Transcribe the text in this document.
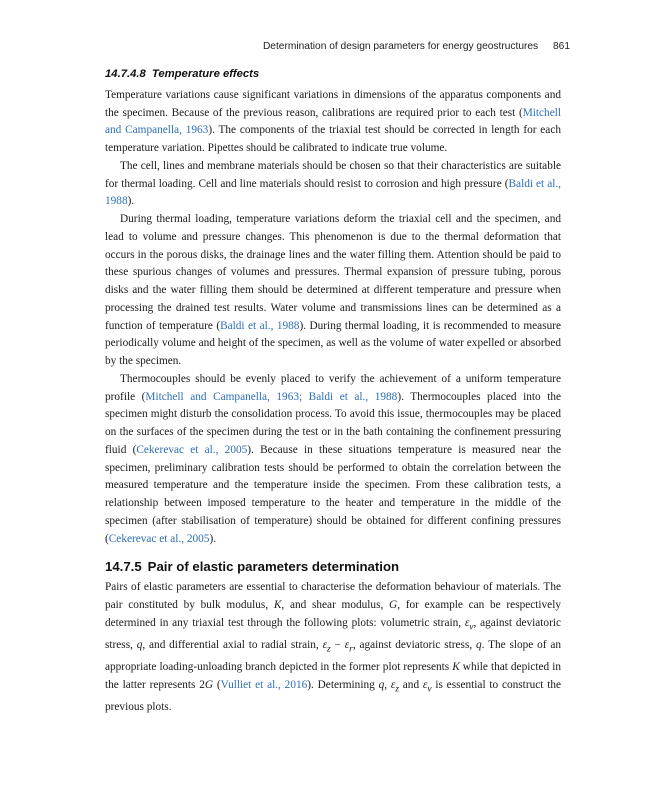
Determination of design parameters for energy geostructures 861
14.7.4.8 Temperature effects

Temperature variations cause significant variations in dimensions of the apparatus components and the specimen. Because of the previous reason, calibrations are required prior to each test (Mitchell and Campanella, 1963). The components of the triaxial test should be corrected in length for each temperature variation. Pipettes should be calibrated to indicate true volume.

The cell, lines and membrane materials should be chosen so that their characteristics are suitable for thermal loading. Cell and line materials should resist to corrosion and high pressure (Baldi et al., 1988).

During thermal loading, temperature variations deform the triaxial cell and the specimen, and lead to volume and pressure changes. This phenomenon is due to the thermal deformation that occurs in the porous disks, the drainage lines and the water filling them. Attention should be paid to these spurious changes of volumes and pressures. Thermal expansion of pressure tubing, porous disks and the water filling them should be determined at different temperature and pressure when processing the drained test results. Water volume and transmissions lines can be determined as a function of temperature (Baldi et al., 1988). During thermal loading, it is recommended to measure periodically volume and height of the specimen, as well as the volume of water expelled or absorbed by the specimen.

Thermocouples should be evenly placed to verify the achievement of a uniform temperature profile (Mitchell and Campanella, 1963; Baldi et al., 1988). Thermocouples placed into the specimen might disturb the consolidation process. To avoid this issue, thermocouples may be placed on the surfaces of the specimen during the test or in the bath containing the confinement pressuring fluid (Cekerevac et al., 2005). Because in these situations temperature is measured near the specimen, preliminary calibration tests should be performed to obtain the correlation between the measured temperature and the temperature inside the specimen. From these calibration tests, a relationship between imposed temperature to the heater and temperature in the middle of the specimen (after stabilisation of temperature) should be obtained for different confining pressures (Cekerevac et al., 2005).

14.7.5 Pair of elastic parameters determination

Pairs of elastic parameters are essential to characterise the deformation behaviour of materials. The pair constituted by bulk modulus, K, and shear modulus, G, for example can be respectively determined in any triaxial test through the following plots: volumetric strain, $\varepsilon_v$, against deviatoric stress, q, and differential axial to radial strain, $\varepsilon_z - \varepsilon_r$, against deviatoric stress, q. The slope of an appropriate loading-unloading branch depicted in the former plot represents K while that depicted in the latter represents 2G (Vulliet et al., 2016). Determining q, $\varepsilon_z$ and $\varepsilon_v$ is essential to construct the previous plots.
